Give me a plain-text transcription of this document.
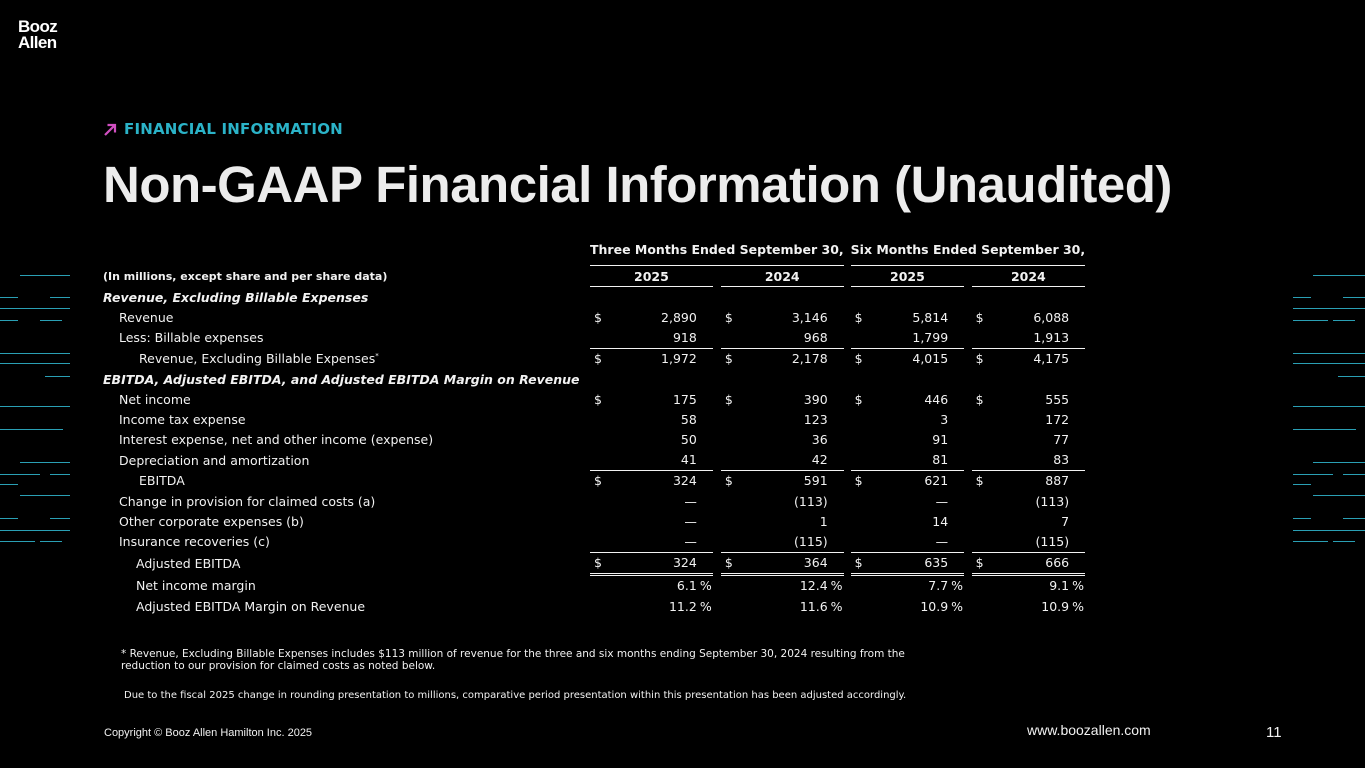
Booz
Allen
FINANCIAL INFORMATION
Non-GAAP Financial Information (Unaudited)
		Three Months Ended September 30,				Six Months Ended September 30,		
(In millions, except share and per share data)		2025		2024		2025		2024
Revenue, Excluding Billable Expenses								
Revenue		$ 2,890		$ 3,146		$ 5,814		$ 6,088

Less: Billable expenses		918		968		1,799		1,913

Revenue, Excluding Billable Expenses*		$ 1,972		$ 2,178		$ 4,015		$ 4,175

EBITDA, Adjusted EBITDA, and Adjusted EBITDA Margin on Revenue								
Net income		$ 175		$ 390		$ 446		$ 555

Income tax expense		58		123		3		172

Interest expense, net and other income (expense)		50		36		91		77

Depreciation and amortization		41		42		81		83

EBITDA		$ 324		$ 591		$ 621		$ 887

Change in provision for claimed costs (a)		—		(113)		—		(113)

Other corporate expenses (b)		—		1		14		7

Insurance recoveries (c)		—		(115)		—		(115)

Adjusted EBITDA		$ 324		$ 364		$ 635		$ 666

Net income margin		6.1 %		12.4 %		7.7 %		9.1 %

Adjusted EBITDA Margin on Revenue		11.2 %		11.6 %		10.9 %		10.9 %
* Revenue, Excluding Billable Expenses includes $113 million of revenue for the three and six months ending September 30, 2024 resulting from the reduction to our provision for claimed costs as noted below.
Due to the fiscal 2025 change in rounding presentation to millions, comparative period presentation within this presentation has been adjusted accordingly.
Copyright © Booz Allen Hamilton Inc. 2025	www.boozallen.com	11
